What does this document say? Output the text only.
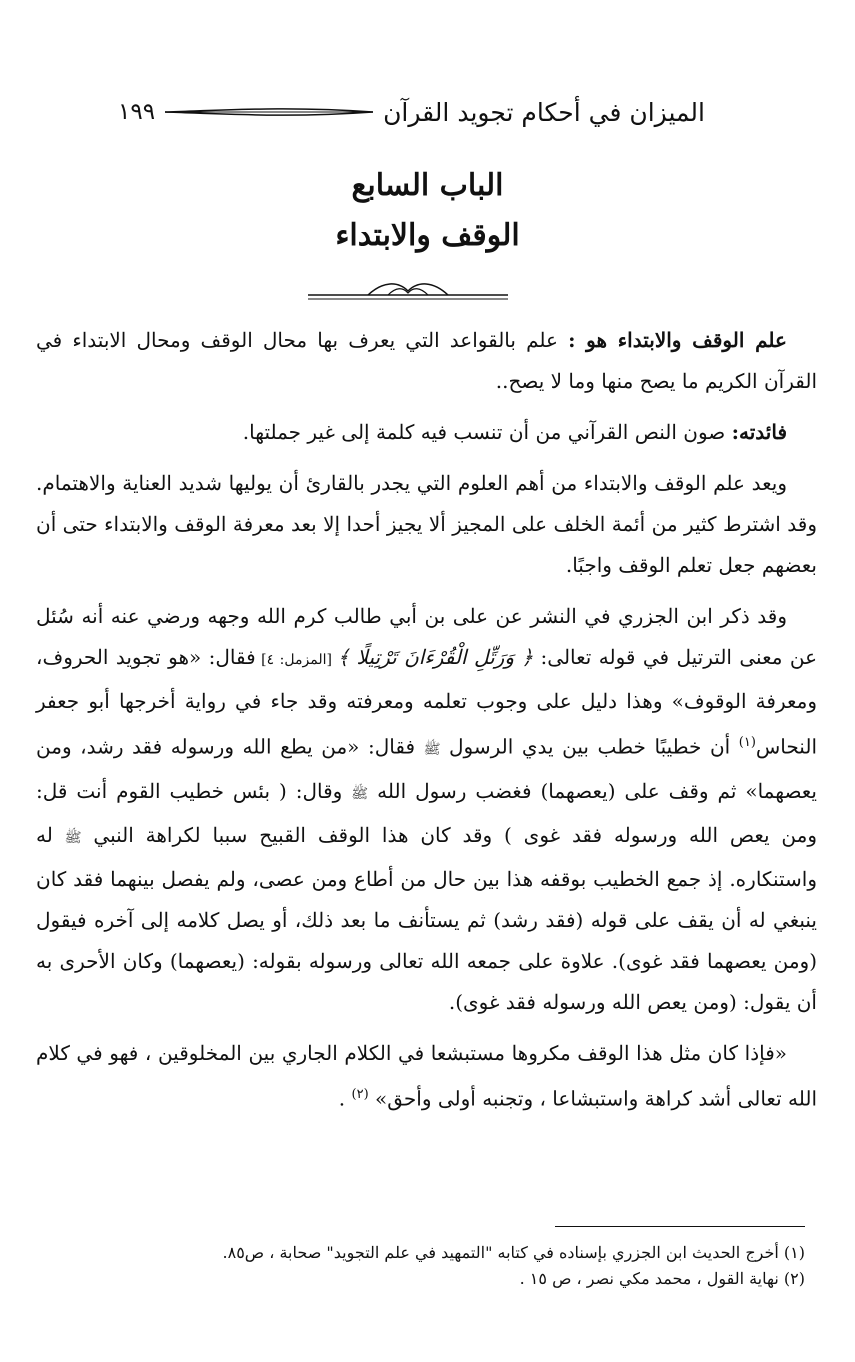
الميزان في أحكام تجويد القرآن
١٩٩
الباب السابع
الوقف والابتداء

علم الوقف والابتداء هو : علم بالقواعد التي يعرف بها محال الوقف ومحال الابتداء في القرآن الكريم ما يصح منها وما لا يصح..

فائدته: صون النص القرآني من أن تنسب فيه كلمة إلى غير جملتها.

ويعد علم الوقف والابتداء من أهم العلوم التي يجدر بالقارئ أن يوليها شديد العناية والاهتمام. وقد اشترط كثير من أئمة الخلف على المجيز ألا يجيز أحدا إلا بعد معرفة الوقف والابتداء حتى أن بعضهم جعل تعلم الوقف واجبًا.

وقد ذكر ابن الجزري في النشر عن على بن أبي طالب كرم الله وجهه ورضي عنه أنه سُئل عن معنى الترتيل في قوله تعالى: ﴿ وَرَتِّلِ الْقُرْءَانَ تَرْتِيلًا ﴾ [المزمل: ٤] فقال: «هو تجويد الحروف، ومعرفة الوقوف» وهذا دليل على وجوب تعلمه ومعرفته وقد جاء في رواية أخرجها أبو جعفر النحاس$^{(١)}$ أن خطيبًا خطب بين يدي الرسول ﷺ فقال: «من يطع الله ورسوله فقد رشد، ومن يعصهما» ثم وقف على (يعصهما) فغضب رسول الله ﷺ وقال: ( بئس خطيب القوم أنت قل: ومن يعص الله ورسوله فقد غوى ) وقد كان هذا الوقف القبيح سببا لكراهة النبي ﷺ له واستنكاره. إذ جمع الخطيب بوقفه هذا بين حال من أطاع ومن عصى، ولم يفصل بينهما فقد كان ينبغي له أن يقف على قوله (فقد رشد) ثم يستأنف ما بعد ذلك، أو يصل كلامه إلى آخره فيقول (ومن يعصهما فقد غوى). علاوة على جمعه الله تعالى ورسوله بقوله: (يعصهما) وكان الأحرى به أن يقول: (ومن يعص الله ورسوله فقد غوى).

«فإذا كان مثل هذا الوقف مكروها مستبشعا في الكلام الجاري بين المخلوقين ، فهو في كلام الله تعالى أشد كراهة واستبشاعا ، وتجنبه أولى وأحق» $^{(٢)}$ .

(١) أخرج الحديث ابن الجزري بإسناده في كتابه "التمهيد في علم التجويد" صحابة ، ص٨٥.
(٢) نهاية القول ، محمد مكي نصر ، ص ١٥ .
